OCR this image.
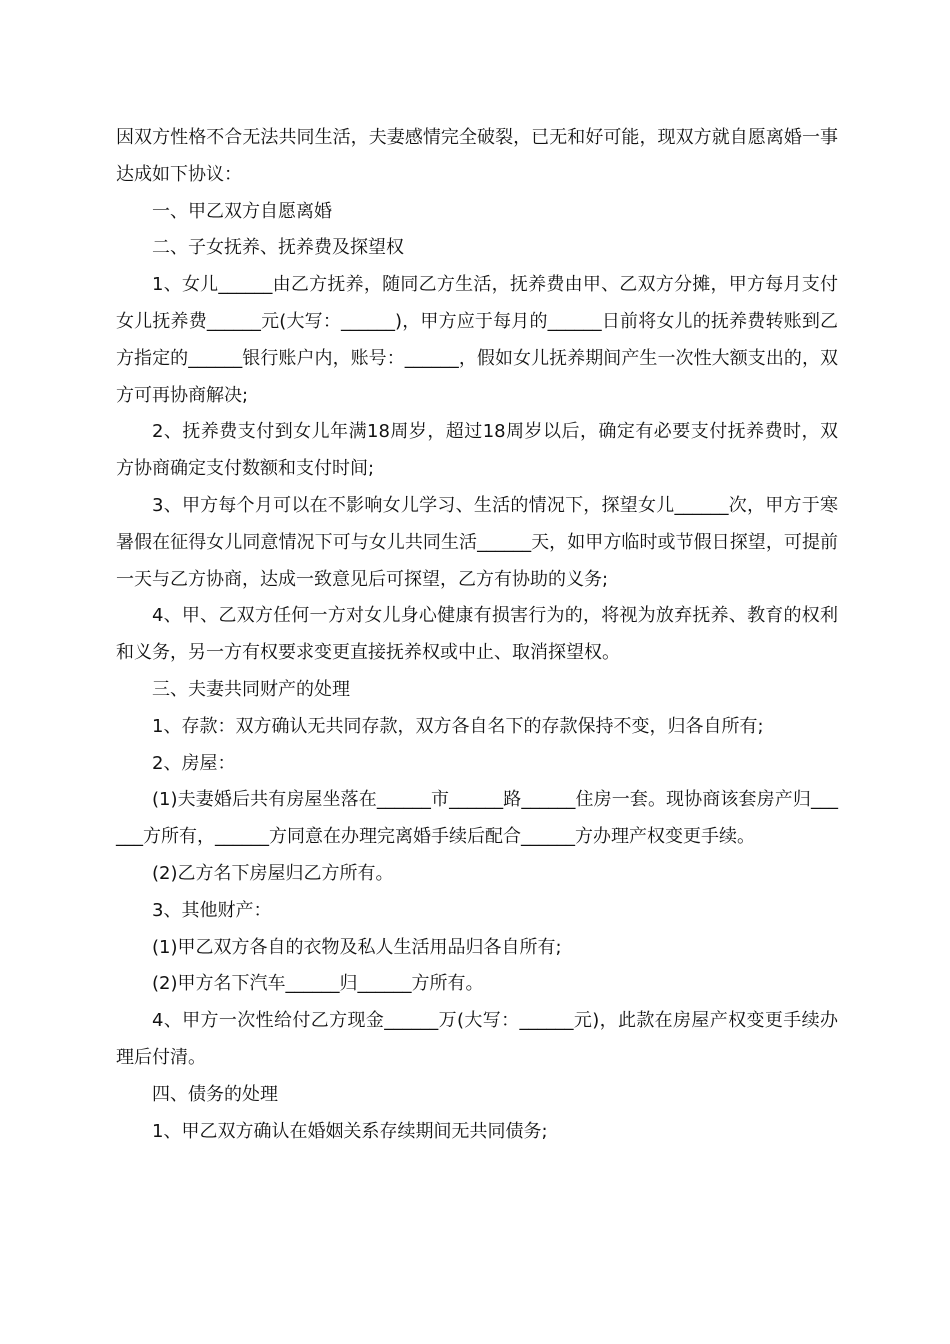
因双方性格不合无法共同生活，夫妻感情完全破裂，已无和好可能，现双方就自愿离婚一事达成如下协议：

一、甲乙双方自愿离婚

二、子女抚养、抚养费及探望权

1、女儿______由乙方抚养，随同乙方生活，抚养费由甲、乙双方分摊，甲方每月支付女儿抚养费______元(大写：______)，甲方应于每月的______日前将女儿的抚养费转账到乙方指定的______银行账户内，账号：______，假如女儿抚养期间产生一次性大额支出的，双方可再协商解决;

2、抚养费支付到女儿年满18周岁，超过18周岁以后，确定有必要支付抚养费时，双方协商确定支付数额和支付时间;

3、甲方每个月可以在不影响女儿学习、生活的情况下，探望女儿______次，甲方于寒暑假在征得女儿同意情况下可与女儿共同生活______天，如甲方临时或节假日探望，可提前一天与乙方协商，达成一致意见后可探望，乙方有协助的义务;

4、甲、乙双方任何一方对女儿身心健康有损害行为的，将视为放弃抚养、教育的权利和义务，另一方有权要求变更直接抚养权或中止、取消探望权。

三、夫妻共同财产的处理

1、存款：双方确认无共同存款，双方各自名下的存款保持不变，归各自所有;

2、房屋：

(1)夫妻婚后共有房屋坐落在______市______路______住房一套。现协商该套房产归______方所有，______方同意在办理完离婚手续后配合______方办理产权变更手续。

(2)乙方名下房屋归乙方所有。

3、其他财产：

(1)甲乙双方各自的衣物及私人生活用品归各自所有;

(2)甲方名下汽车______归______方所有。

4、甲方一次性给付乙方现金______万(大写：______元)，此款在房屋产权变更手续办理后付清。

四、债务的处理

1、甲乙双方确认在婚姻关系存续期间无共同债务;
